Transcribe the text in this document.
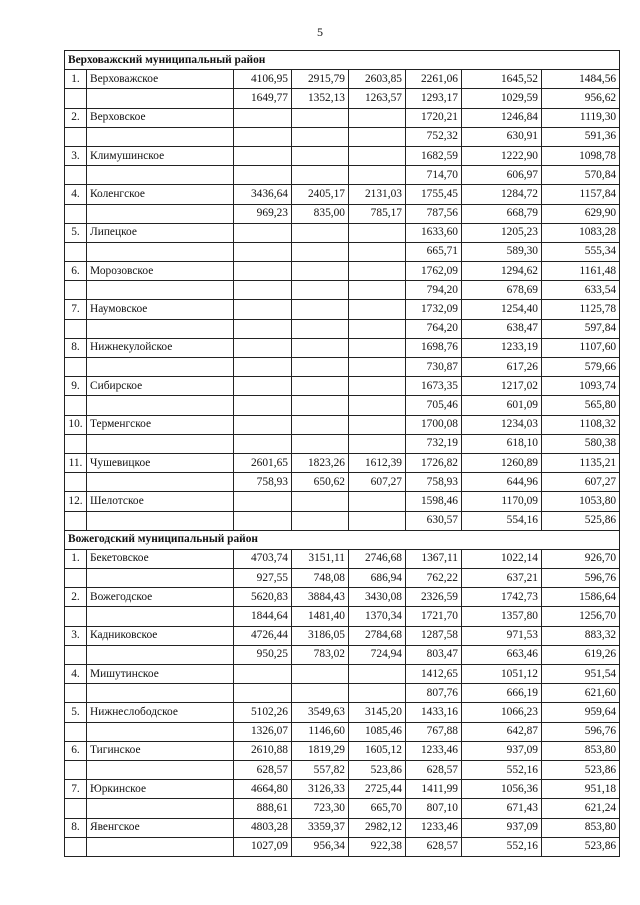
5
Верховажский муниципальный район							
1.	Верховажское	4106,95	2915,79	2603,85	2261,06	1645,52	1484,56
		1649,77	1352,13	1263,57	1293,17	1029,59	956,62
2.	Верховское				1720,21	1246,84	1119,30
					752,32	630,91	591,36
3.	Климушинское				1682,59	1222,90	1098,78
					714,70	606,97	570,84
4.	Коленгское	3436,64	2405,17	2131,03	1755,45	1284,72	1157,84
		969,23	835,00	785,17	787,56	668,79	629,90
5.	Липецкое				1633,60	1205,23	1083,28
					665,71	589,30	555,34
6.	Морозовское				1762,09	1294,62	1161,48
					794,20	678,69	633,54
7.	Наумовское				1732,09	1254,40	1125,78
					764,20	638,47	597,84
8.	Нижнекулойское				1698,76	1233,19	1107,60
					730,87	617,26	579,66
9.	Сибирское				1673,35	1217,02	1093,74
					705,46	601,09	565,80
10.	Терменгское				1700,08	1234,03	1108,32
					732,19	618,10	580,38
11.	Чушевицкое	2601,65	1823,26	1612,39	1726,82	1260,89	1135,21
		758,93	650,62	607,27	758,93	644,96	607,27
12.	Шелотское				1598,46	1170,09	1053,80
					630,57	554,16	525,86
Вожегодский муниципальный район							
1.	Бекетовское	4703,74	3151,11	2746,68	1367,11	1022,14	926,70
		927,55	748,08	686,94	762,22	637,21	596,76
2.	Вожегодское	5620,83	3884,43	3430,08	2326,59	1742,73	1586,64
		1844,64	1481,40	1370,34	1721,70	1357,80	1256,70
3.	Кадниковское	4726,44	3186,05	2784,68	1287,58	971,53	883,32
		950,25	783,02	724,94	803,47	663,46	619,26
4.	Мишутинское				1412,65	1051,12	951,54
					807,76	666,19	621,60
5.	Нижнеслободское	5102,26	3549,63	3145,20	1433,16	1066,23	959,64
		1326,07	1146,60	1085,46	767,88	642,87	596,76
6.	Тигинское	2610,88	1819,29	1605,12	1233,46	937,09	853,80
		628,57	557,82	523,86	628,57	552,16	523,86
7.	Юркинское	4664,80	3126,33	2725,44	1411,99	1056,36	951,18
		888,61	723,30	665,70	807,10	671,43	621,24
8.	Явенгское	4803,28	3359,37	2982,12	1233,46	937,09	853,80
		1027,09	956,34	922,38	628,57	552,16	523,86
